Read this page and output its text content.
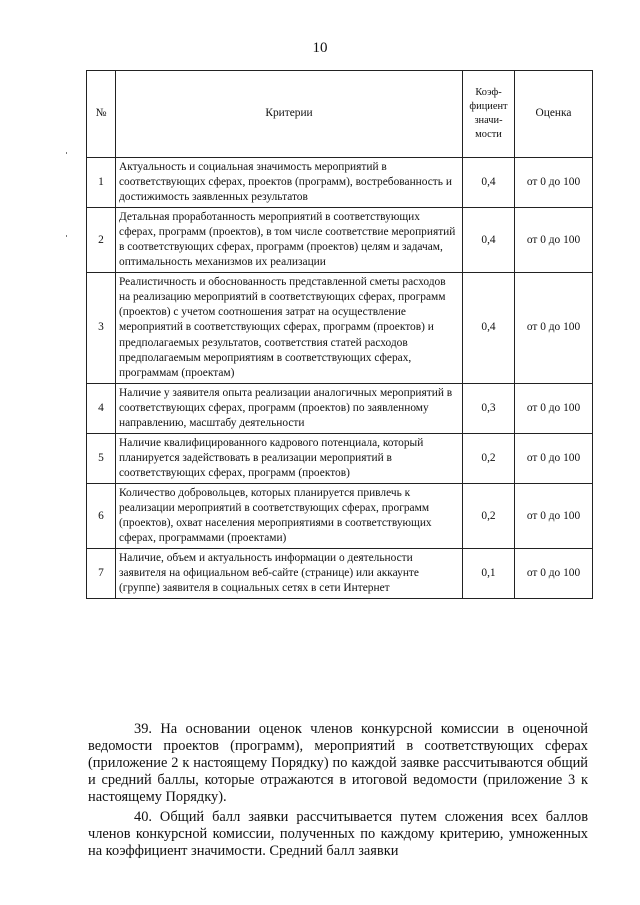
10
№	Критерии	Коэффициент значимости	Оценка
1	Актуальность и социальная значимость мероприятий в соответствующих сферах, проектов (программ), востребованность и достижимость заявленных результатов	0,4	от 0 до 100
2	Детальная проработанность мероприятий в соответствующих сферах, программ (проектов), в том числе соответствие мероприятий в соответствующих сферах, программ (проектов) целям и задачам, оптимальность механизмов их реализации	0,4	от 0 до 100
3	Реалистичность и обоснованность представленной сметы расходов на реализацию мероприятий в соответствующих сферах, программ (проектов) с учетом соотношения затрат на осуществление мероприятий в соответствующих сферах, программ (проектов) и предполагаемых результатов, соответствия статей расходов предполагаемым мероприятиям в соответствующих сферах, программам (проектам)	0,4	от 0 до 100
4	Наличие у заявителя опыта реализации аналогичных мероприятий в соответствующих сферах, программ (проектов) по заявленному направлению, масштабу деятельности	0,3	от 0 до 100
5	Наличие квалифицированного кадрового потенциала, который планируется задействовать в реализации мероприятий в соответствующих сферах, программ (проектов)	0,2	от 0 до 100
6	Количество добровольцев, которых планируется привлечь к реализации мероприятий в соответствующих сферах, программ (проектов), охват населения мероприятиями в соответствующих сферах, программами (проектами)	0,2	от 0 до 100
7	Наличие, объем и актуальность информации о деятельности заявителя на официальном веб-сайте (странице) или аккаунте (группе) заявителя в социальных сетях в сети Интернет	0,1	от 0 до 100

39. На основании оценок членов конкурсной комиссии в оценочной ведомости проектов (программ), мероприятий в соответствующих сферах (приложение 2 к настоящему Порядку) по каждой заявке рассчитываются общий и средний баллы, которые отражаются в итоговой ведомости (приложение 3 к настоящему Порядку).

40. Общий балл заявки рассчитывается путем сложения всех баллов членов конкурсной комиссии, полученных по каждому критерию, умноженных на коэффициент значимости. Средний балл заявки
